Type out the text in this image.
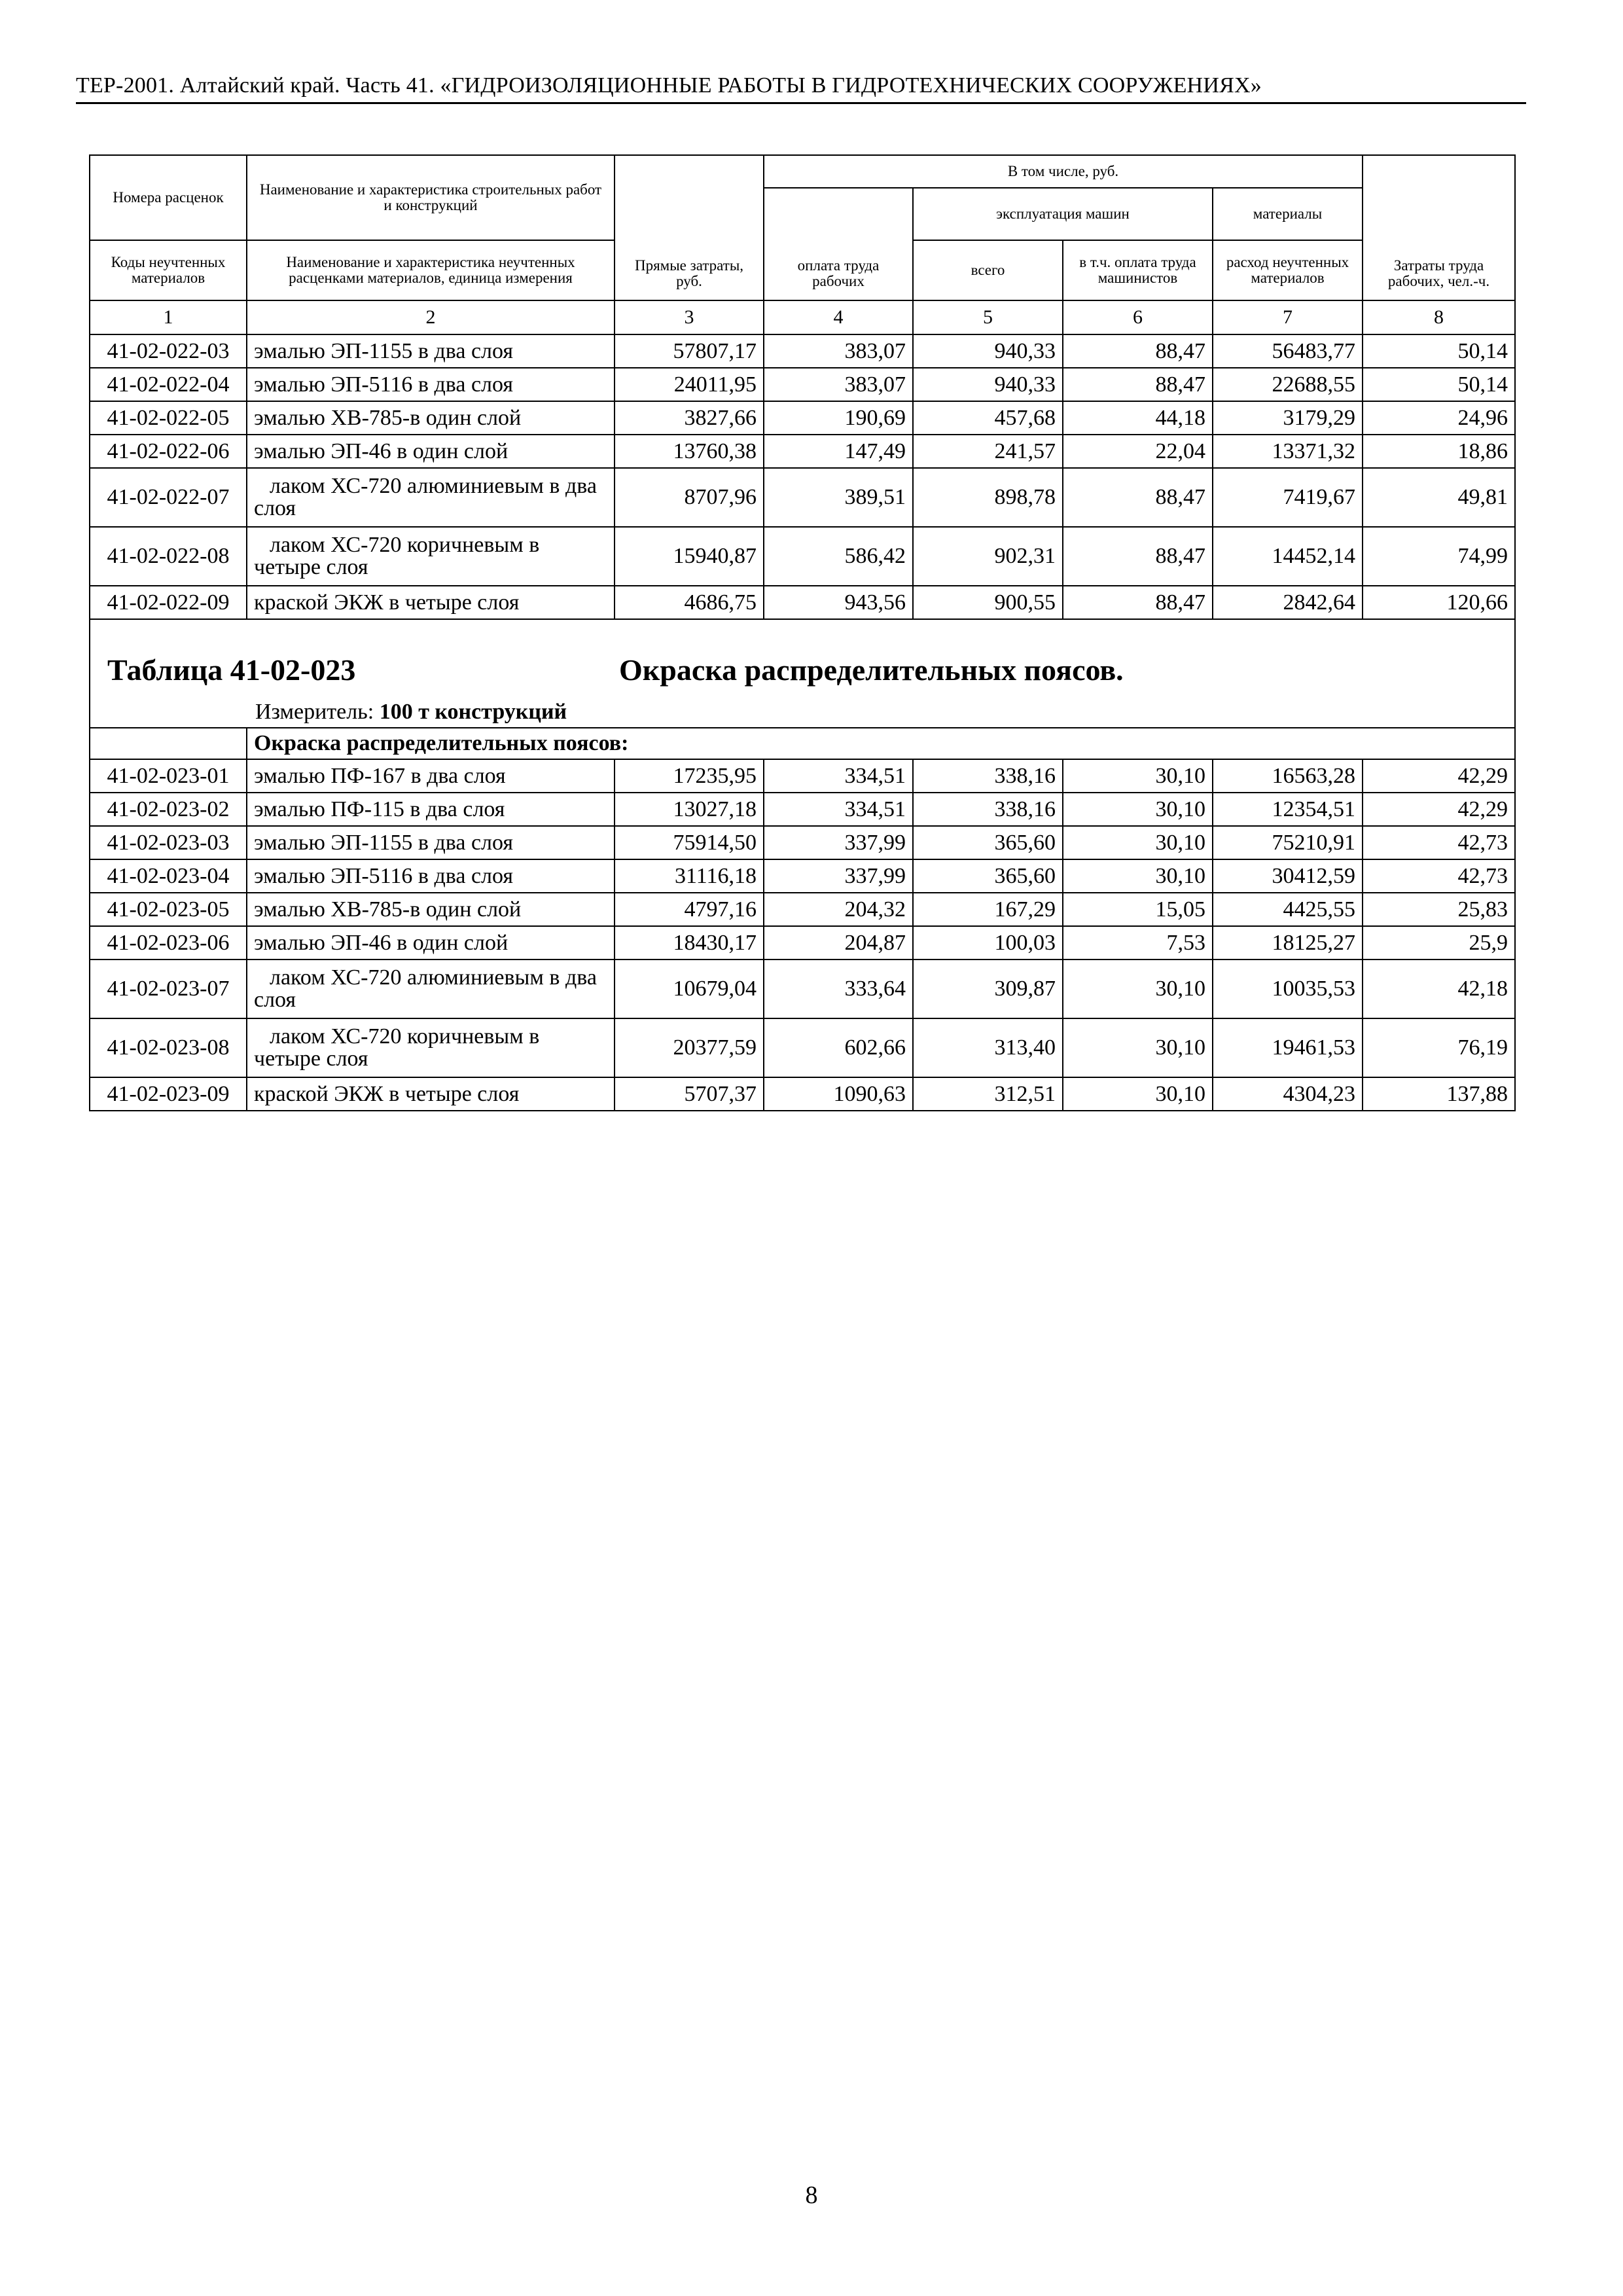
ТЕР-2001. Алтайский край. Часть 41. «ГИДРОИЗОЛЯЦИОННЫЕ РАБОТЫ В ГИДРОТЕХНИЧЕСКИХ СООРУЖЕНИЯХ»
Номера расценок	Наименование и характеристика строительных работ и конструкций	Прямые затраты, руб.	В том числе, руб.				Затраты труда рабочих, чел.-ч.
			оплата труда рабочих	эксплуатация машин		материалы	
Коды неучтенных материалов	Наименование и характеристика неучтенных расценками материалов, единица измерения			всего	в т.ч. оплата труда машинистов	расход неучтенных материалов	

1	2	3	4	5	6	7	8
41-02-022-03	эмалью ЭП-1155 в два слоя	57807,17	383,07	940,33	88,47	56483,77	50,14
41-02-022-04	эмалью ЭП-5116 в два слоя	24011,95	383,07	940,33	88,47	22688,55	50,14
41-02-022-05	эмалью ХВ-785-в один слой	3827,66	190,69	457,68	44,18	3179,29	24,96
41-02-022-06	эмалью ЭП-46 в один слой	13760,38	147,49	241,57	22,04	13371,32	18,86
41-02-022-07	лаком ХС-720 алюминиевым в два слоя	8707,96	389,51	898,78	88,47	7419,67	49,81
41-02-022-08	лаком ХС-720 коричневым в четыре слоя	15940,87	586,42	902,31	88,47	14452,14	74,99
41-02-022-09	краской ЭКЖ в четыре слоя	4686,75	943,56	900,55	88,47	2842,64	120,66

Таблица 41-02-023 Окраска распределительных поясов.							

Измеритель: 100 т конструкций							
	Окраска распределительных поясов:						
41-02-023-01	эмалью ПФ-167 в два слоя	17235,95	334,51	338,16	30,10	16563,28	42,29
41-02-023-02	эмалью ПФ-115 в два слоя	13027,18	334,51	338,16	30,10	12354,51	42,29
41-02-023-03	эмалью ЭП-1155 в два слоя	75914,50	337,99	365,60	30,10	75210,91	42,73
41-02-023-04	эмалью ЭП-5116 в два слоя	31116,18	337,99	365,60	30,10	30412,59	42,73
41-02-023-05	эмалью ХВ-785-в один слой	4797,16	204,32	167,29	15,05	4425,55	25,83
41-02-023-06	эмалью ЭП-46 в один слой	18430,17	204,87	100,03	7,53	18125,27	25,9
41-02-023-07	лаком ХС-720 алюминиевым в два слоя	10679,04	333,64	309,87	30,10	10035,53	42,18
41-02-023-08	лаком ХС-720 коричневым в четыре слоя	20377,59	602,66	313,40	30,10	19461,53	76,19
41-02-023-09	краской ЭКЖ в четыре слоя	5707,37	1090,63	312,51	30,10	4304,23	137,88
8
